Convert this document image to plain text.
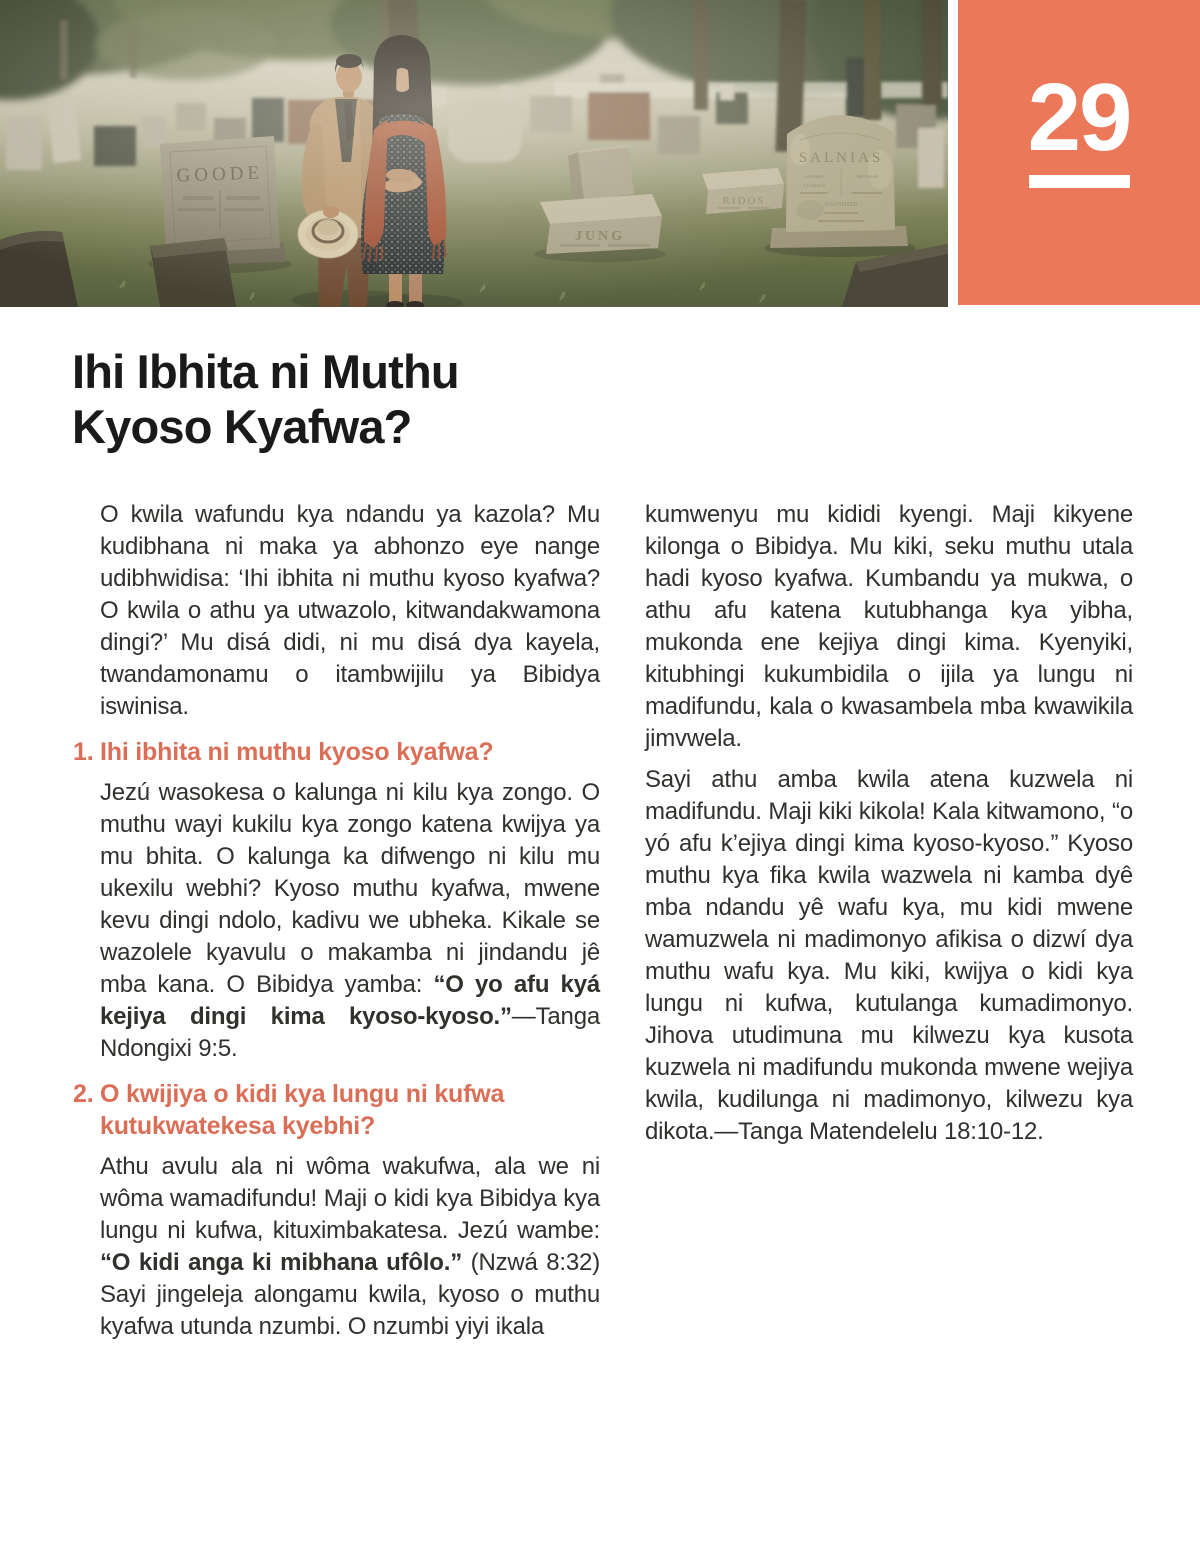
29
Ihi Ibhita ni Muthu Kyoso Kyafwa?

O kwila wafundu kya ndandu ya kazola? Mu kudibhana ni maka ya abhonzo eye nange udibhwidisa: ‘Ihi ibhita ni muthu kyoso kyafwa? O kwila o athu ya utwazolo, kitwandakwamona dingi?’ Mu disá didi, ni mu disá dya kayela, twandamonamu o itambwijilu ya Bibidya iswinisa.

1. Ihi ibhita ni muthu kyoso kyafwa?

Jezú wasokesa o kalunga ni kilu kya zongo. O muthu wayi kukilu kya zongo katena kwijya ya mu bhita. O kalunga ka difwengo ni kilu mu ukexilu webhi? Kyoso muthu kyafwa, mwene kevu dingi ndolo, kadivu we ubheka. Kikale se wazolele kyavulu o makamba ni jindandu jê mba kana. O Bibidya yamba: “O yo afu kyá kejiya dingi kima kyoso-kyoso.”—Tanga Ndongixi 9:5.

2. O kwijiya o kidi kya lungu ni kufwa kutukwatekesa kyebhi?

Athu avulu ala ni wôma wakufwa, ala we ni wôma wamadifundu! Maji o kidi kya Bibidya kya lungu ni kufwa, kituximbakatesa. Jezú wambe: “O kidi anga ki mibhana ufôlo.” (Nzwá 8:32) Sayi jingeleja alongamu kwila, kyoso o muthu kyafwa utunda nzumbi. O nzumbi yiyi ikala

kumwenyu mu kididi kyengi. Maji kikyene kilonga o Bibidya. Mu kiki, seku muthu utala hadi kyoso kyafwa. Kumbandu ya mukwa, o athu afu katena kutubhanga kya yibha, mukonda ene kejiya dingi kima. Kyenyiki, kitubhingi kukumbidila o ijila ya lungu ni madifundu, kala o kwasambela mba kwawikila jimvwela.

Sayi athu amba kwila atena kuzwela ni madifundu. Maji kiki kikola! Kala kitwamono, “o yó afu k’ejiya dingi kima kyoso-kyoso.” Kyoso muthu kya fika kwila wazwela ni kamba dyê mba ndandu yê wafu kya, mu kidi mwene wamuzwela ni madimonyo afikisa o dizwí dya muthu wafu kya. Mu kiki, kwijya o kidi kya lungu ni kufwa, kutulanga kumadimonyo. Jihova utudimuna mu kilwezu kya kusota kuzwela ni madifundu mukonda mwene wejiya kwila, kudilunga ni madimonyo, kilwezu kya dikota.—Tanga Matendelelu 18:10-12.
